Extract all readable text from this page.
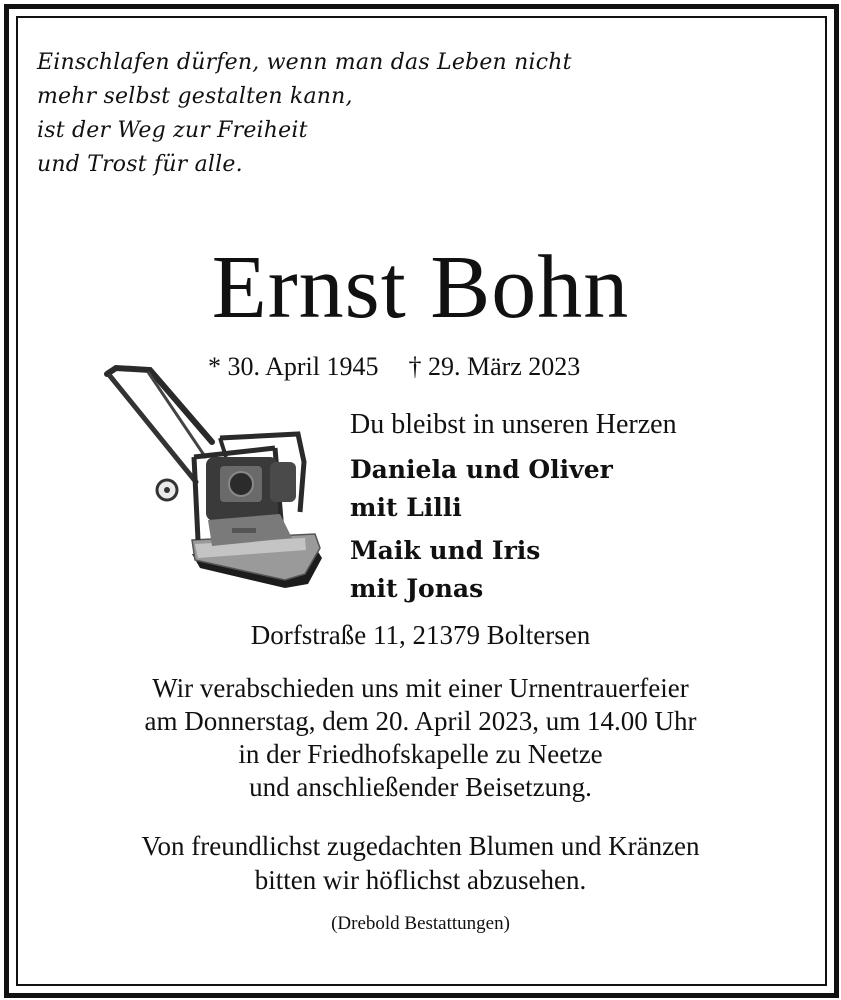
Einschlafen dürfen, wenn man das Leben nicht
mehr selbst gestalten kann,
ist der Weg zur Freiheit
und Trost für alle.
Ernst Bohn
* 30. April 1945 † 29. März 2023
Du bleibst in unseren Herzen
Daniela und Oliver
mit Lilli
Maik und Iris
mit Jonas
Dorfstraße 11, 21379 Boltersen
Wir verabschieden uns mit einer Urnentrauerfeier
am Donnerstag, dem 20. April 2023, um 14.00 Uhr
in der Friedhofskapelle zu Neetze
und anschließender Beisetzung.
Von freundlichst zugedachten Blumen und Kränzen
bitten wir höflichst abzusehen.
(Drebold Bestattungen)
